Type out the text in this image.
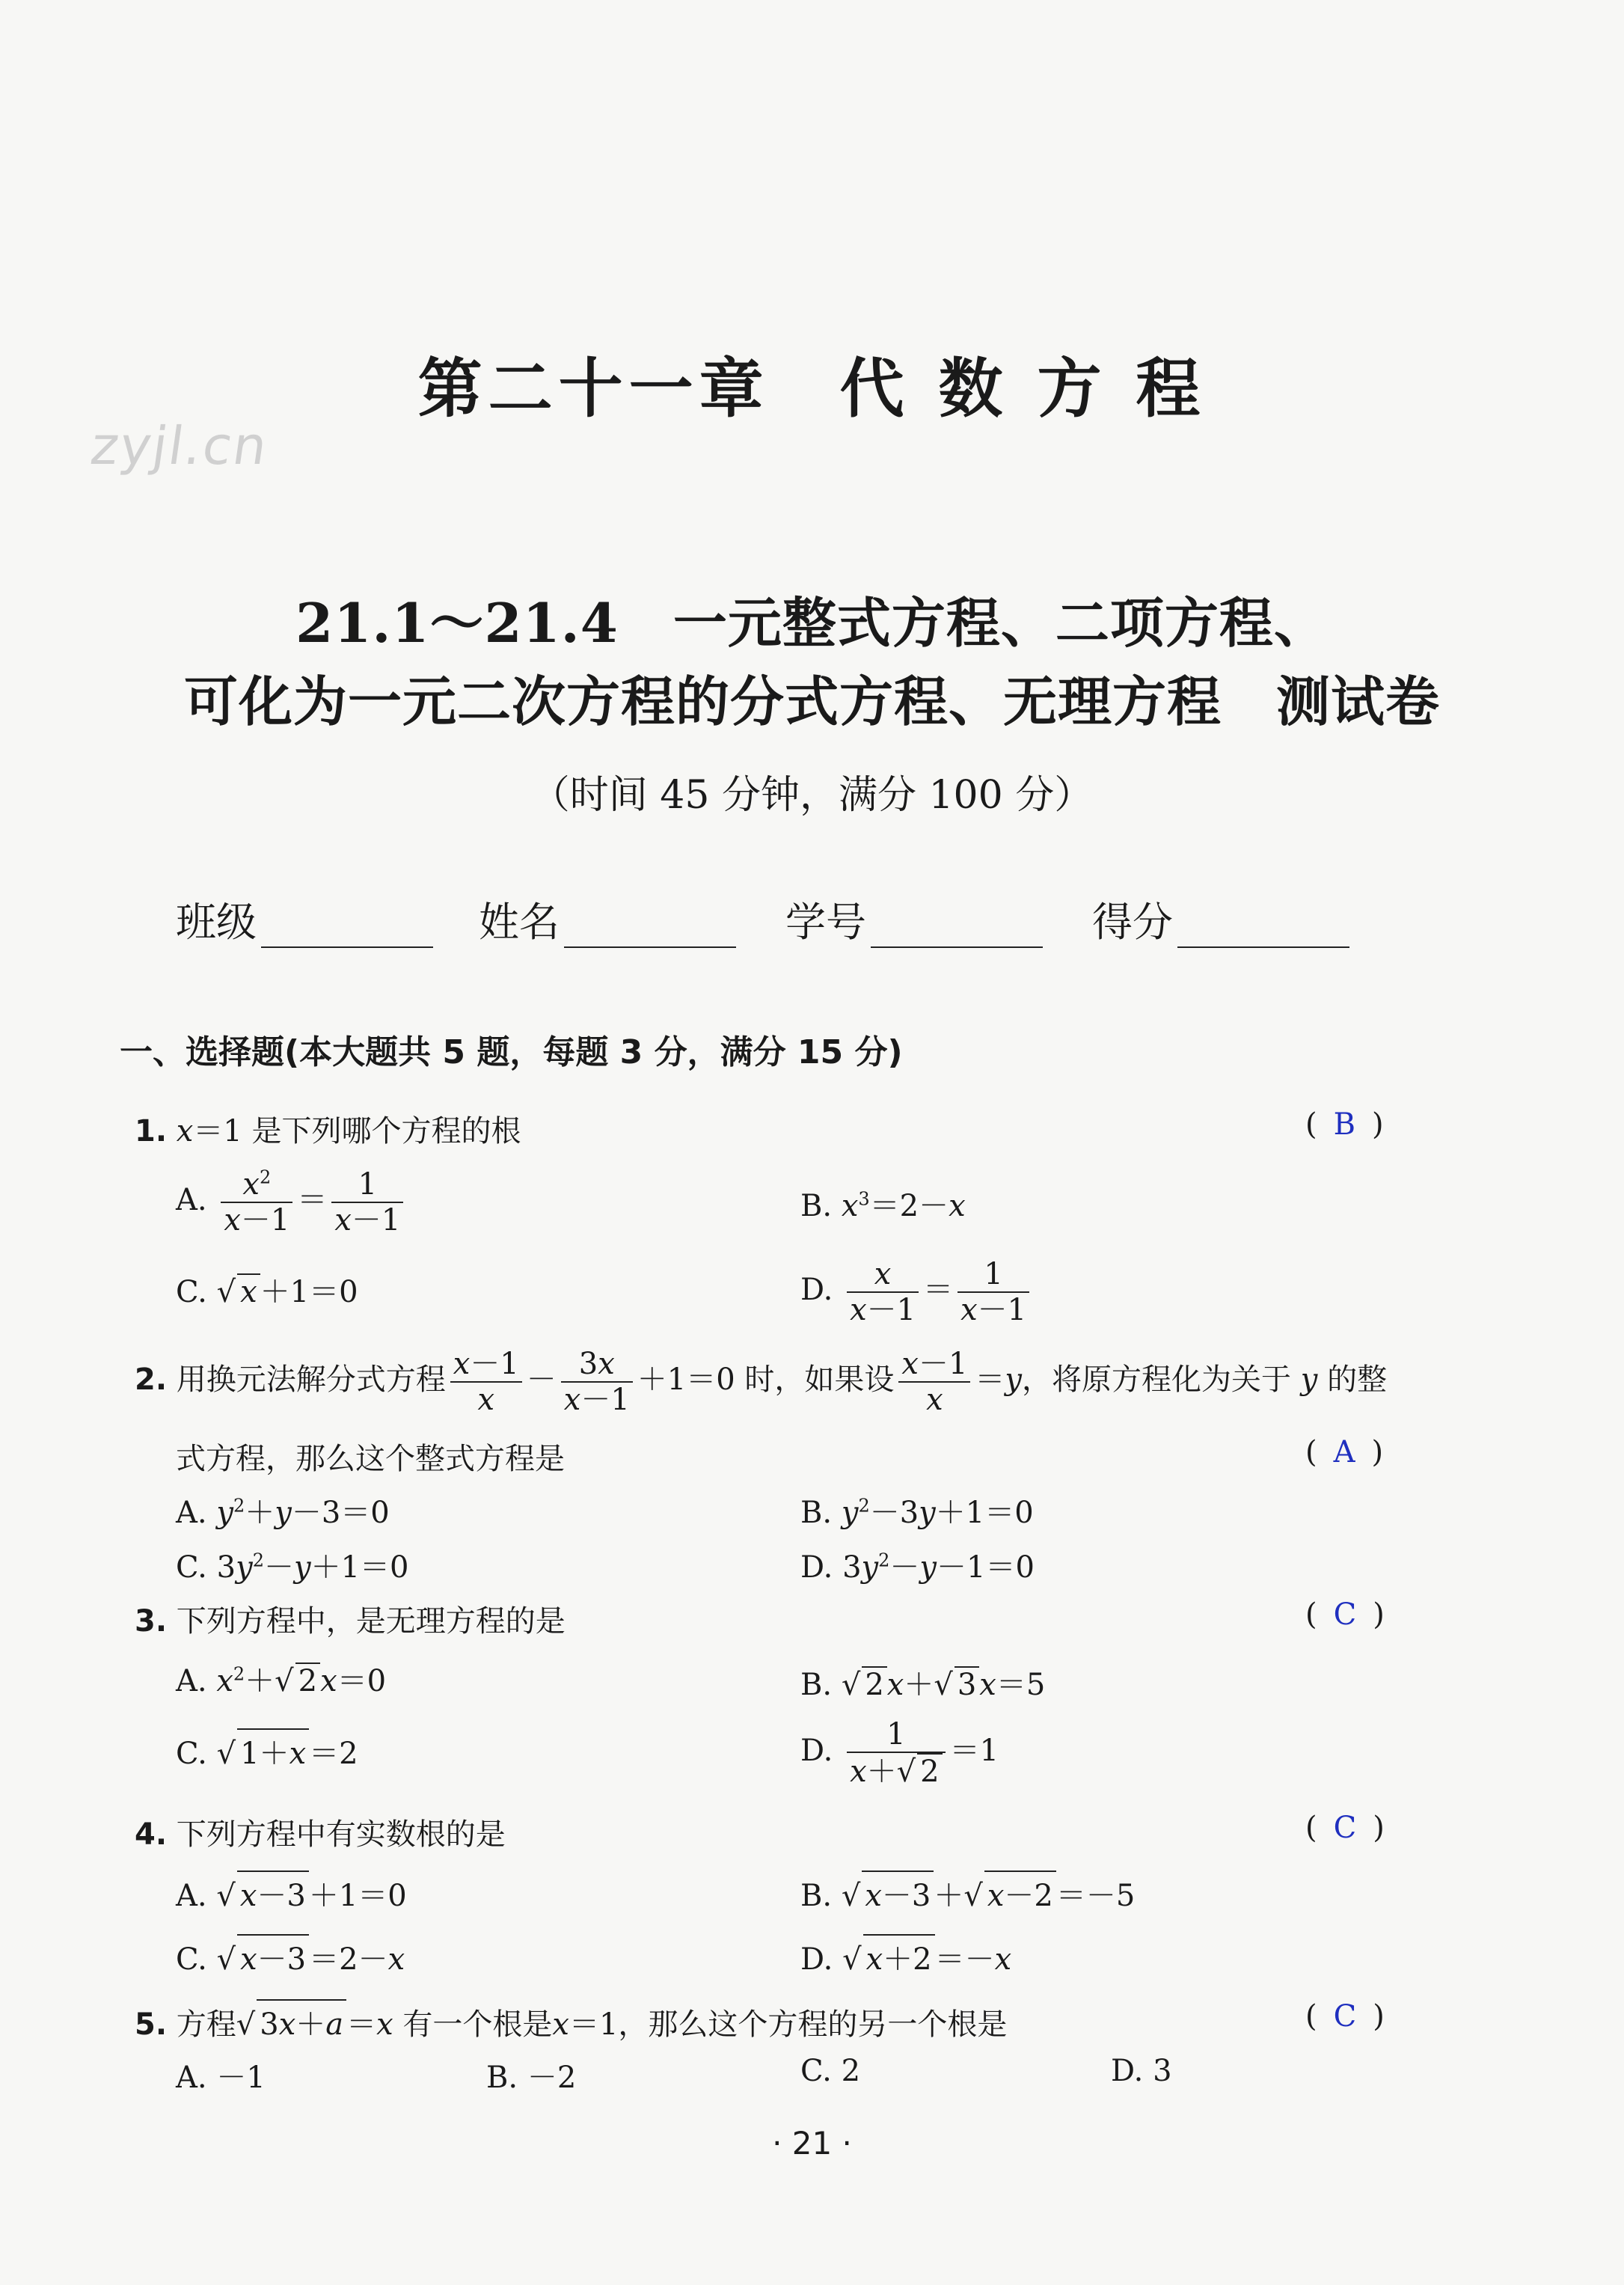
第二十一章　代 数 方 程
zyjl.cn
21.1～21.4　一元整式方程、二项方程、
可化为一元二次方程的分式方程、无理方程　测试卷
（时间 45 分钟，满分 100 分）
班级	姓名	学号	得分
一、选择题(本大题共 5 题，每题 3 分，满分 15 分)
1. x＝1 是下列哪个方程的根	( B )
A. $\frac{x^2}{x-1} = \frac{1}{x-1}$	B. $x^3=2-x$
C. √ x ＋1＝0	D. $\frac{x}{x-1} = \frac{1}{x-1}$
2. 用换元法解分式方程 $\frac{x-1}{x} - \frac{3x}{x-1} +1=0$ 时，如果设 $\frac{x-1}{x} =y$，将原方程化为关于 y 的整
式方程，那么这个整式方程是	( A )
A. $y^2+y-3=0$	B. $y^2-3y+1=0$
C. $3y^2-y+1=0$	D. $3y^2-y-1=0$
3. 下列方程中，是无理方程的是	( C )
A. $x^2+√$ 2 x＝0	B. √ 2 x＋√ 3 x＝5
C. √ 1＋x ＝2	D. $\frac{1}{x+√ 2} =1$
4. 下列方程中有实数根的是	( C )
A. √ x－3 ＋1＝0	B. √ x－3 ＋√ x－2 ＝－5
C. √ x－3 ＝2－x	D. √ x＋2 ＝－x
5. 方程√ 3x＋a ＝x 有一个根是x＝1，那么这个方程的另一个根是	( C )
A. －1	B. －2	C. 2	D. 3
· 21 ·
